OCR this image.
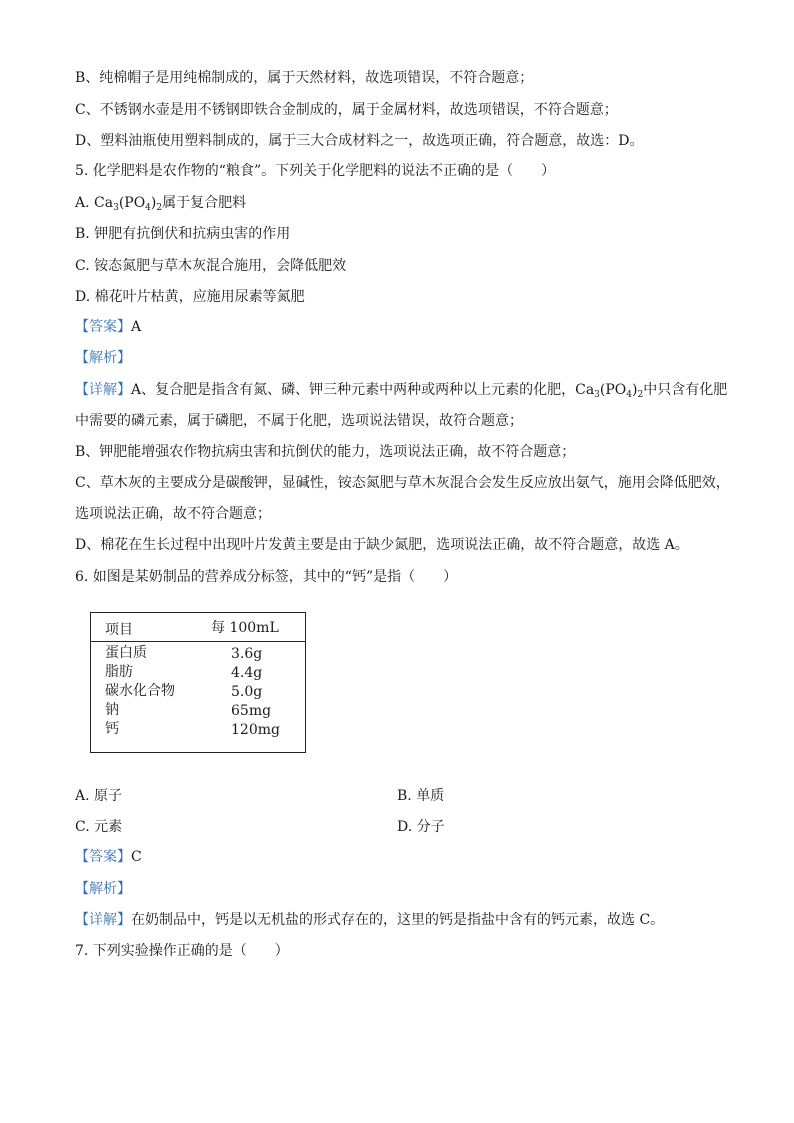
B、纯棉帽子是用纯棉制成的，属于天然材料，故选项错误，不符合题意；
C、不锈钢水壶是用不锈钢即铁合金制成的，属于金属材料，故选项错误，不符合题意；
D、塑料油瓶使用塑料制成的，属于三大合成材料之一，故选项正确，符合题意，故选：D。
5. 化学肥料是农作物的“粮食”。下列关于化学肥料的说法不正确的是（　　）
A. $Ca_3(PO_4)_2$属于复合肥料
B. 钾肥有抗倒伏和抗病虫害的作用
C. 铵态氮肥与草木灰混合施用，会降低肥效
D. 棉花叶片枯黄，应施用尿素等氮肥
【答案】A
【解析】
【详解】A、复合肥是指含有氮、磷、钾三种元素中两种或两种以上元素的化肥，$Ca_3(PO_4)_2$中只含有化肥
中需要的磷元素，属于磷肥，不属于化肥，选项说法错误，故符合题意；
B、钾肥能增强农作物抗病虫害和抗倒伏的能力，选项说法正确，故不符合题意；
C、草木灰的主要成分是碳酸钾，显碱性，铵态氮肥与草木灰混合会发生反应放出氨气，施用会降低肥效，
选项说法正确，故不符合题意；
D、棉花在生长过程中出现叶片发黄主要是由于缺少氮肥，选项说法正确，故不符合题意，故选 A。
6. 如图是某奶制品的营养成分标签，其中的“钙”是指（　　）
项目	每 100mL
蛋白质	3.6g
脂肪	4.4g
碳水化合物	5.0g
钠	65mg
钙	120mg
A. 原子	B. 单质
C. 元素	D. 分子
【答案】C
【解析】
【详解】在奶制品中，钙是以无机盐的形式存在的，这里的钙是指盐中含有的钙元素，故选 C。
7. 下列实验操作正确的是（　　）
